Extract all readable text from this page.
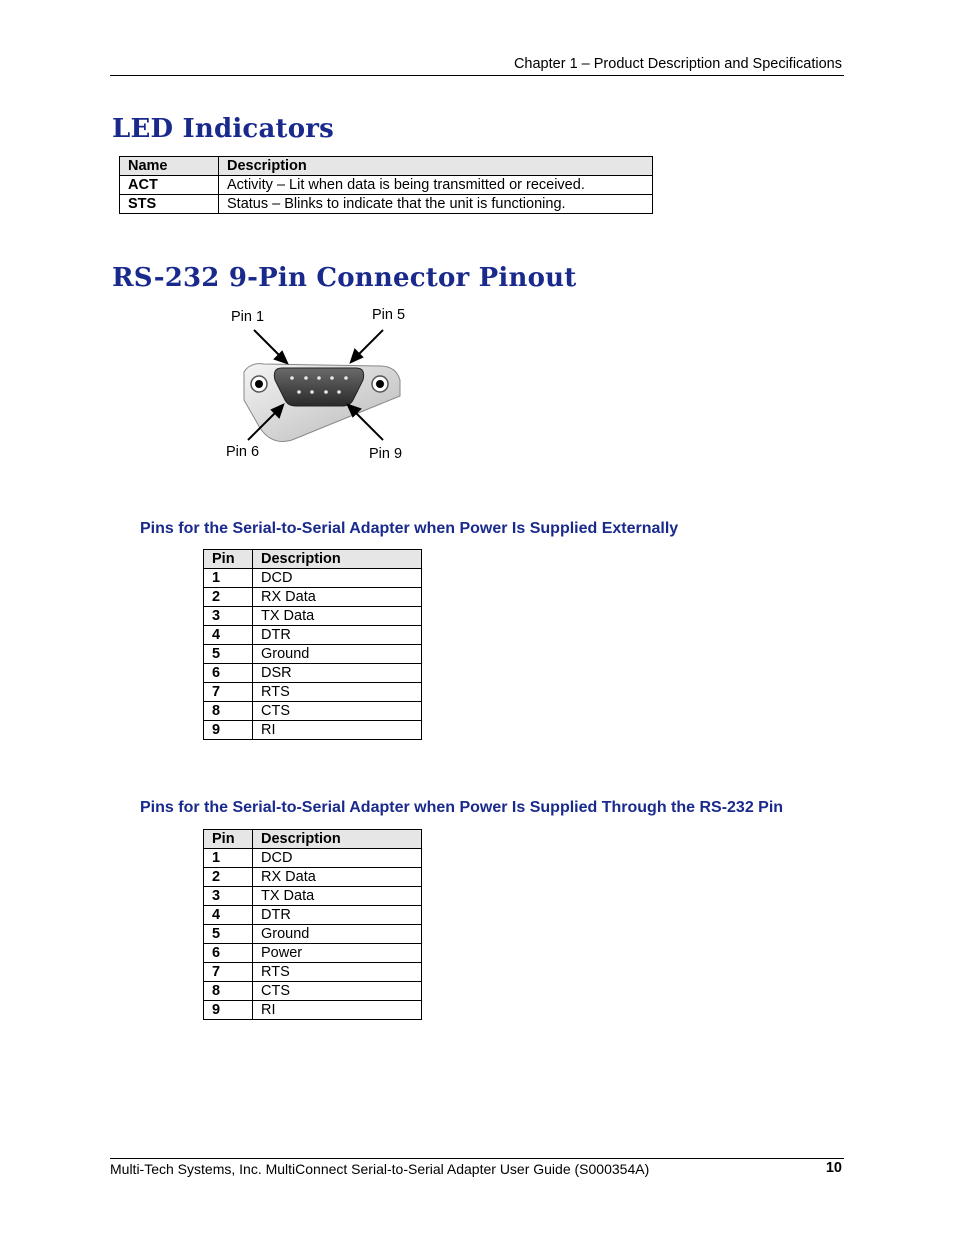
Chapter 1 – Product Description and Specifications
LED Indicators
Name	Description
ACT	Activity – Lit when data is being transmitted or received.
STS	Status – Blinks to indicate that the unit is functioning.
RS-232 9-Pin Connector Pinout
Pin 1	Pin 5
Pin 6	Pin 9
Pins for the Serial-to-Serial Adapter when Power Is Supplied Externally
Pin	Description
1	DCD
2	RX Data
3	TX Data
4	DTR
5	Ground
6	DSR
7	RTS
8	CTS
9	RI
Pins for the Serial-to-Serial Adapter when Power Is Supplied Through the RS-232 Pin
Pin	Description
1	DCD
2	RX Data
3	TX Data
4	DTR
5	Ground
6	Power
7	RTS
8	CTS
9	RI
Multi-Tech Systems, Inc. MultiConnect Serial-to-Serial Adapter User Guide (S000354A)	10
